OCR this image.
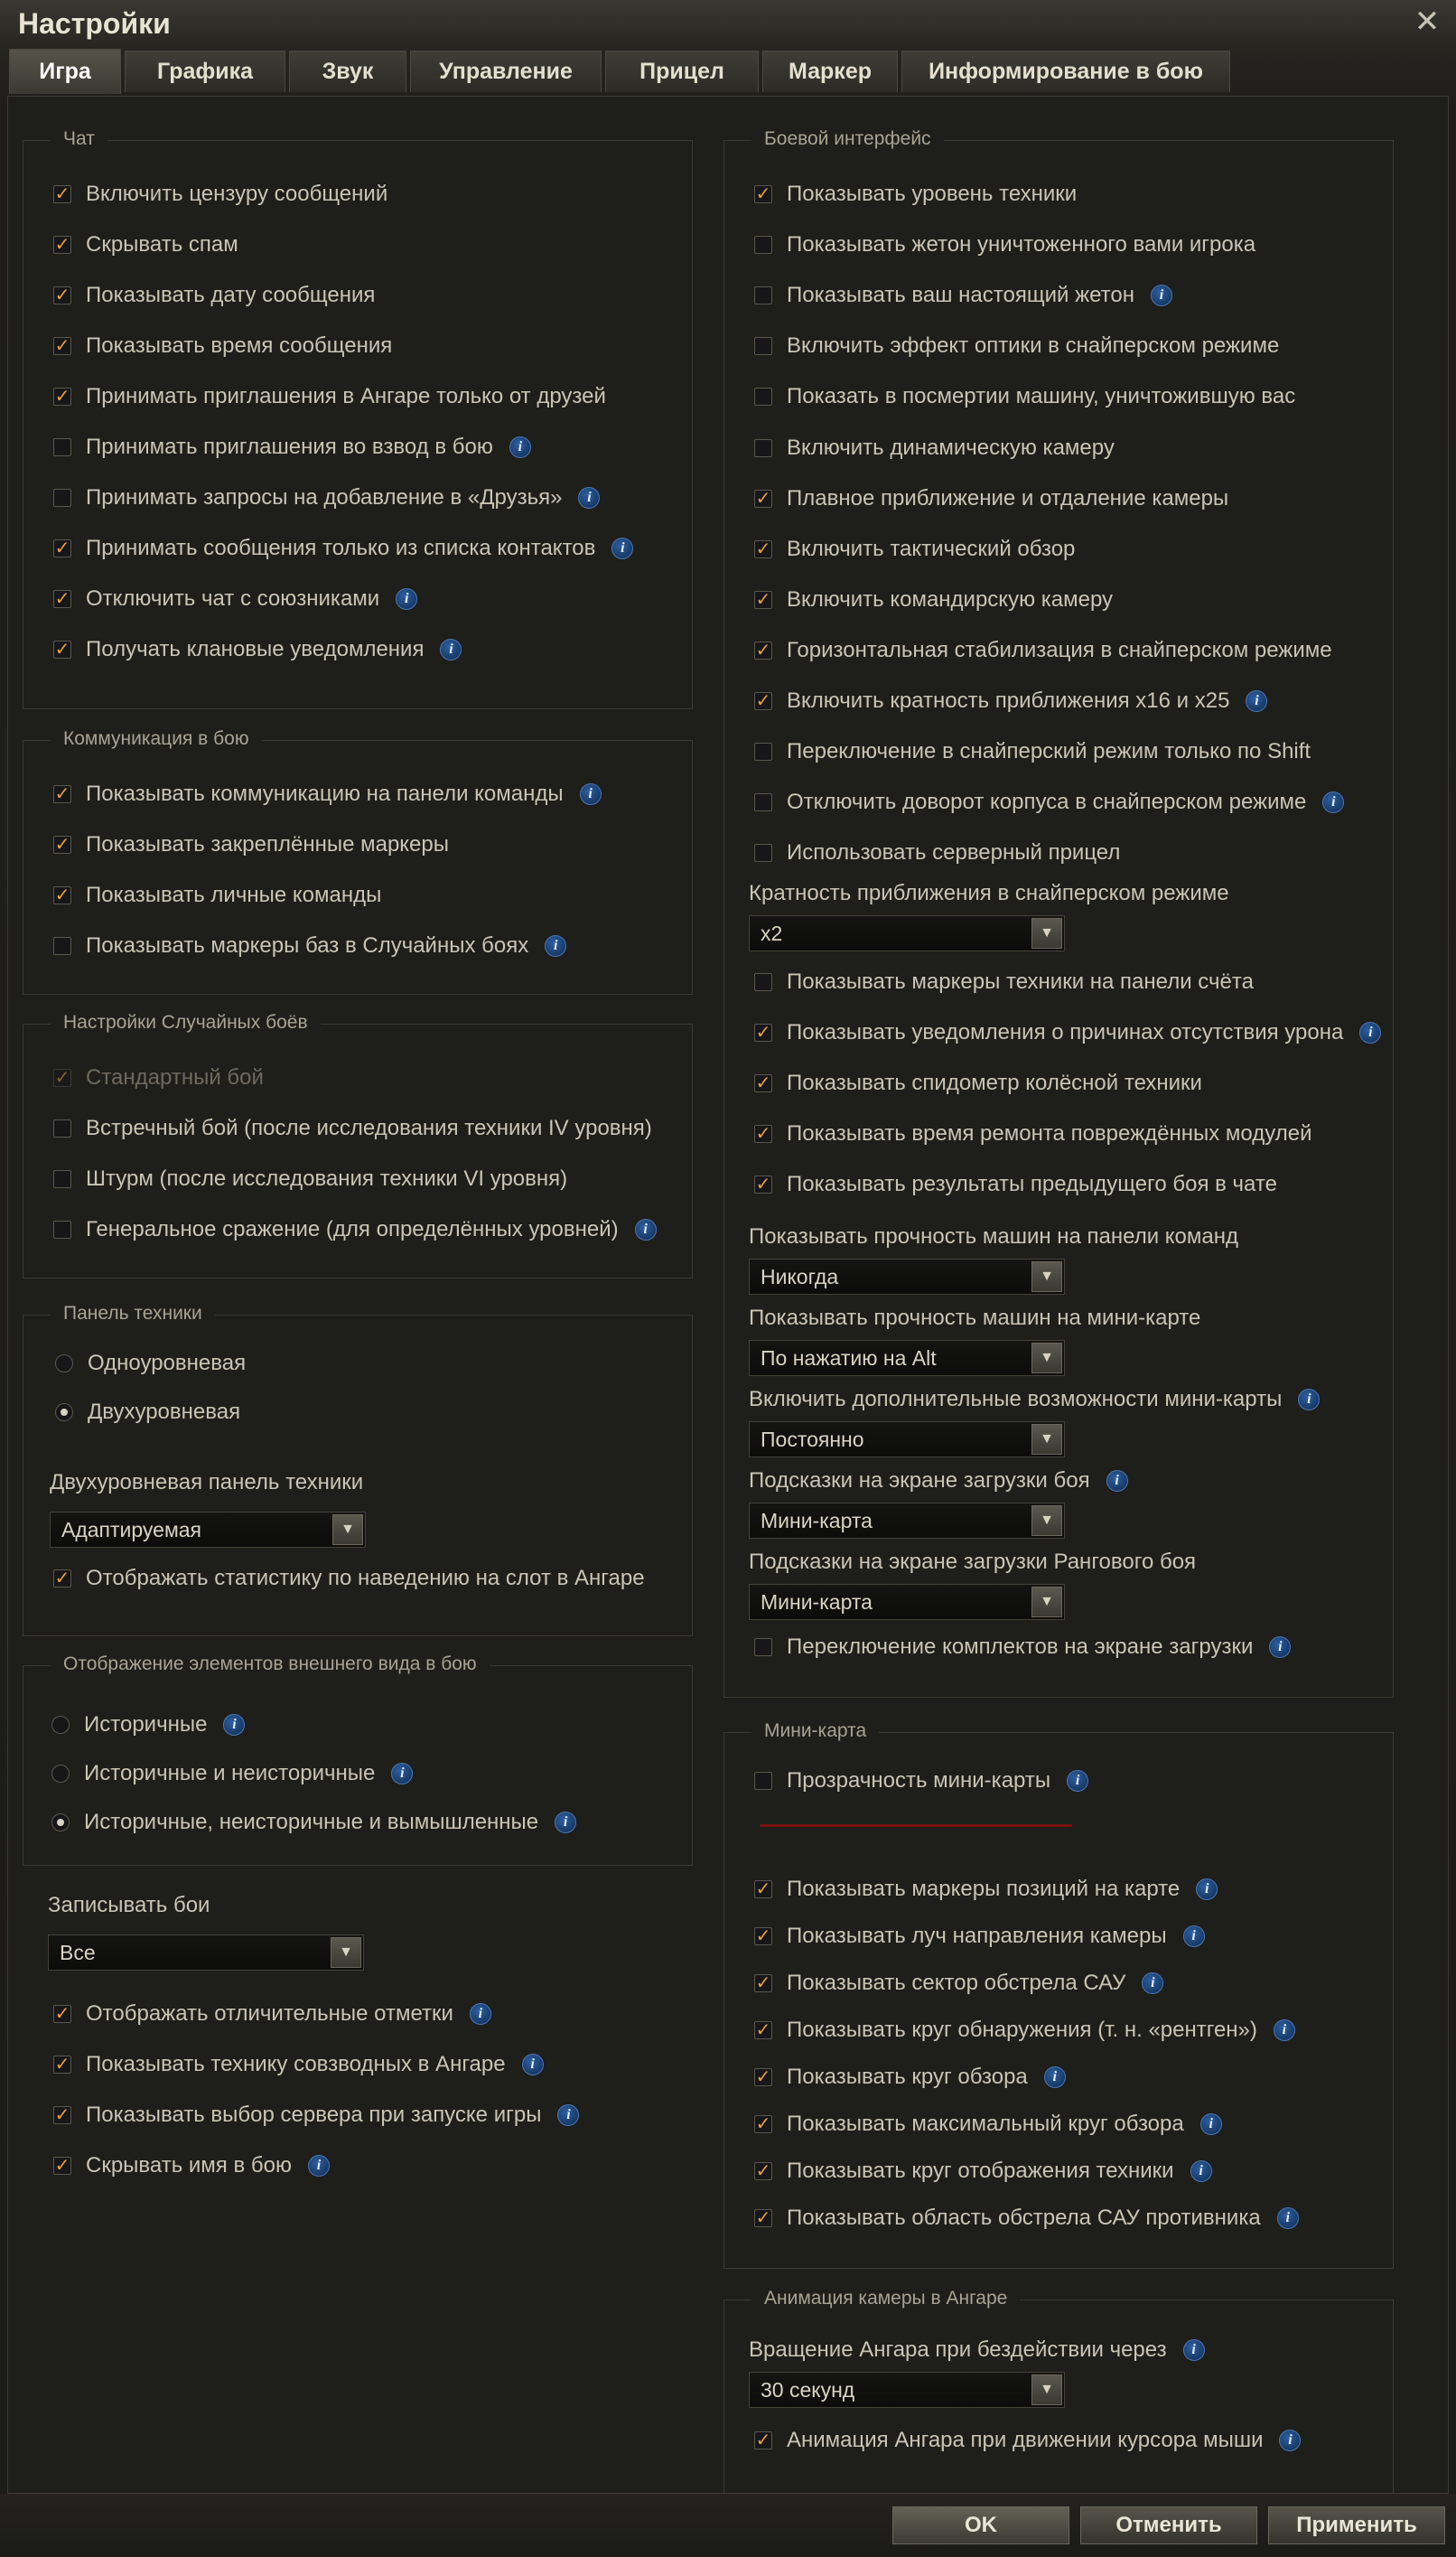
Настройки	✕
Игра	Графика	Звук	Управление	Прицел	Маркер	Информирование в бою
Чат
Коммуникация в бою
Настройки Случайных боёв
Панель техники
Отображение элементов внешнего вида в бою
Боевой интерфейс
Мини-карта
Анимация камеры в Ангаре
✓
Включить цензуру сообщений
✓
Скрывать спам
✓
Показывать дату сообщения
✓
Показывать время сообщения
✓
Принимать приглашения в Ангаре только от друзей
Принимать приглашения во взвод в бою	i
Принимать запросы на добавление в «Друзья»	i
✓
Принимать сообщения только из списка контактов	i
✓
Отключить чат с союзниками	i
✓
Получать клановые уведомления	i
✓
Показывать коммуникацию на панели команды	i
✓
Показывать закреплённые маркеры
✓
Показывать личные команды
Показывать маркеры баз в Случайных боях	i
✓
Стандартный бой
Встречный бой (после исследования техники IV уровня)
Штурм (после исследования техники VI уровня)
Генеральное сражение (для определённых уровней)	i
Одноуровневая
Двухуровневая
Двухуровневая панель техники
Адаптируемая	▼
✓
Отображать статистику по наведению на слот в Ангаре
Историчные	i
Историчные и неисторичные	i
Историчные, неисторичные и вымышленные	i
Записывать бои
Все	▼
✓
Отображать отличительные отметки	i
✓
Показывать технику совзводных в Ангаре	i
✓
Показывать выбор сервера при запуске игры	i
✓
Скрывать имя в бою	i
✓
Показывать уровень техники
Показывать жетон уничтоженного вами игрока
Показывать ваш настоящий жетон	i
Включить эффект оптики в снайперском режиме
Показать в посмертии машину, уничтожившую вас
Включить динамическую камеру
✓
Плавное приближение и отдаление камеры
✓
Включить тактический обзор
✓
Включить командирскую камеру
✓
Горизонтальная стабилизация в снайперском режиме
✓
Включить кратность приближения x16 и x25	i
Переключение в снайперский режим только по Shift
Отключить доворот корпуса в снайперском режиме	i
Использовать серверный прицел
Кратность приближения в снайперском режиме
x2	▼
Показывать маркеры техники на панели счёта
✓
Показывать уведомления о причинах отсутствия урона	i
✓
Показывать спидометр колёсной техники
✓
Показывать время ремонта повреждённых модулей
✓
Показывать результаты предыдущего боя в чате
Показывать прочность машин на панели команд
Никогда	▼
Показывать прочность машин на мини-карте
По нажатию на Alt	▼
Включить дополнительные возможности мини-карты	i
Постоянно	▼
Подсказки на экране загрузки боя	i
Мини-карта	▼
Подсказки на экране загрузки Рангового боя
Мини-карта	▼
Переключение комплектов на экране загрузки	i
Прозрачность мини-карты	i
✓
Показывать маркеры позиций на карте	i
✓
Показывать луч направления камеры	i
✓
Показывать сектор обстрела САУ	i
✓
Показывать круг обнаружения (т. н. «рентген»)	i
✓
Показывать круг обзора	i
✓
Показывать максимальный круг обзора	i
✓
Показывать круг отображения техники	i
✓
Показывать область обстрела САУ противника	i
Вращение Ангара при бездействии через	i
30 секунд	▼
✓
Анимация Ангара при движении курсора мыши	i
OK	Отменить	Применить
